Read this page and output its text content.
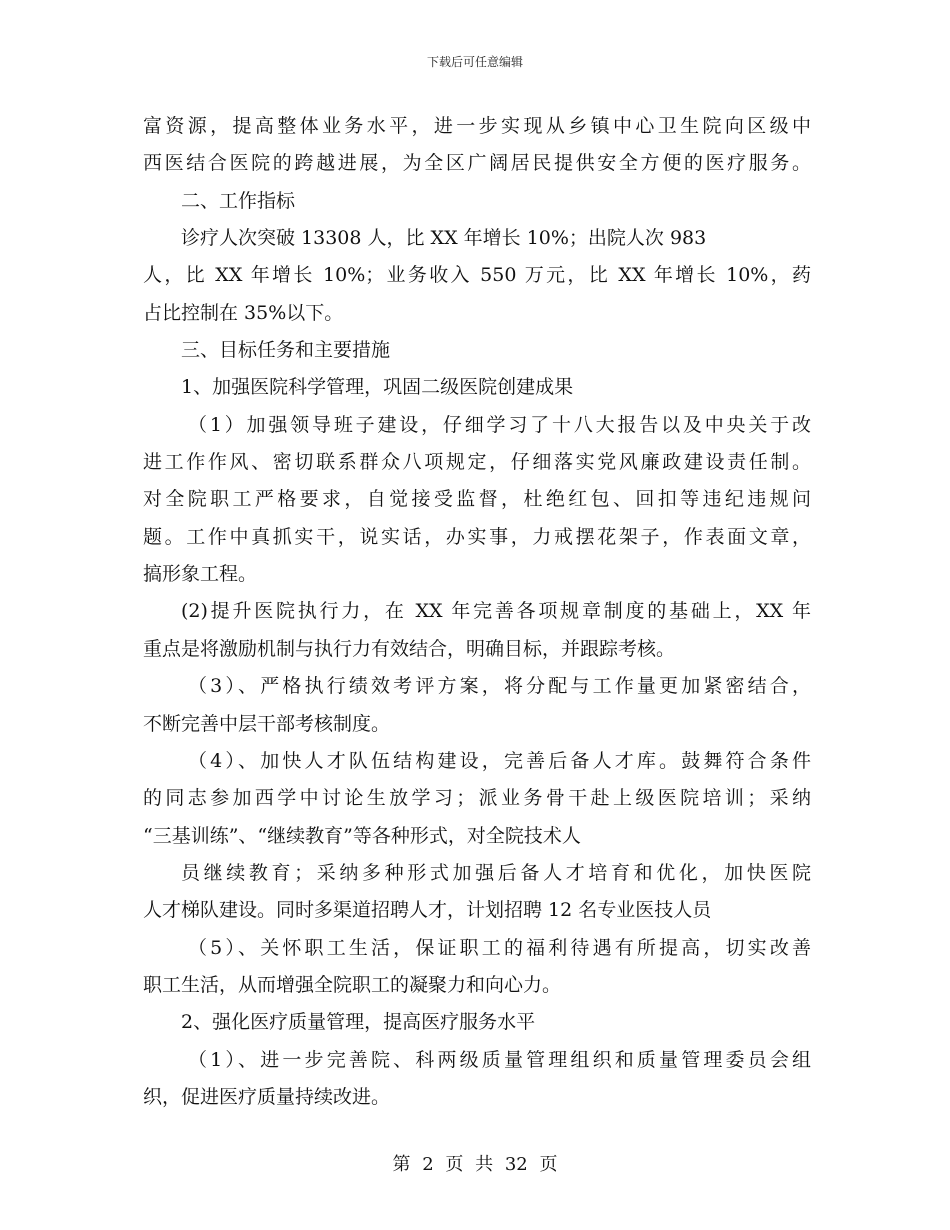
下载后可任意编辑
富资源，提高整体业务水平，进一步实现从乡镇中心卫生院向区级中
西医结合医院的跨越进展，为全区广阔居民提供安全方便的医疗服务。
二、工作指标
诊疗人次突破 13308 人，比 XX 年增长 10%；出院人次 983
人，比 XX 年增长 10%；业务收入 550 万元，比 XX 年增长 10%，药
占比控制在 35%以下。
三、目标任务和主要措施
1、加强医院科学管理，巩固二级医院创建成果
（1）加强领导班子建设，仔细学习了十八大报告以及中央关于改
进工作作风、密切联系群众八项规定，仔细落实党风廉政建设责任制。
对全院职工严格要求，自觉接受监督，杜绝红包、回扣等违纪违规问
题。工作中真抓实干，说实话，办实事，力戒摆花架子，作表面文章，
搞形象工程。
(2)提升医院执行力，在 XX 年完善各项规章制度的基础上，XX 年
重点是将激励机制与执行力有效结合，明确目标，并跟踪考核。
（3）、严格执行绩效考评方案，将分配与工作量更加紧密结合，
不断完善中层干部考核制度。
（4）、加快人才队伍结构建设，完善后备人才库。鼓舞符合条件
的同志参加西学中讨论生放学习；派业务骨干赴上级医院培训；采纳
“三基训练”、“继续教育”等各种形式，对全院技术人
员继续教育；采纳多种形式加强后备人才培育和优化，加快医院
人才梯队建设。同时多渠道招聘人才，计划招聘 12 名专业医技人员
（5）、关怀职工生活，保证职工的福利待遇有所提高，切实改善
职工生活，从而增强全院职工的凝聚力和向心力。
2、强化医疗质量管理，提高医疗服务水平
（1）、进一步完善院、科两级质量管理组织和质量管理委员会组
织，促进医疗质量持续改进。
第 2 页 共 32 页
